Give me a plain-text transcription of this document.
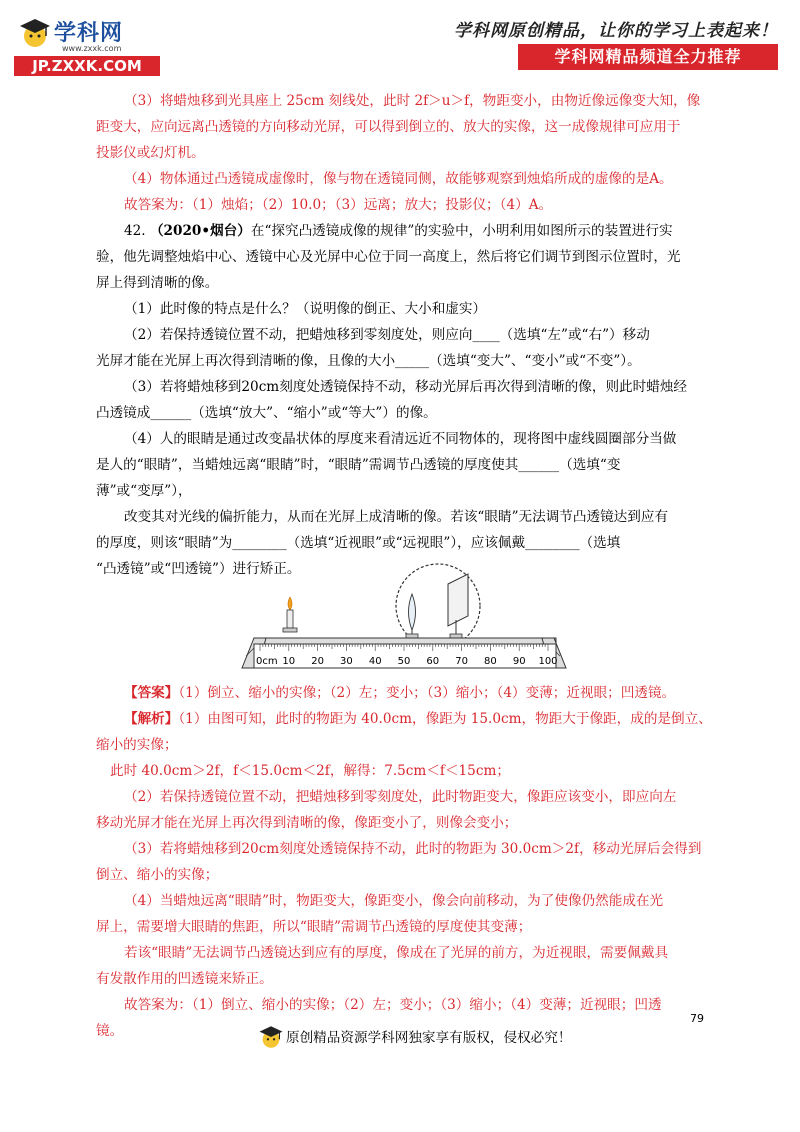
学科网
www.zxxk.com
JP.ZXXK.COM
学科网原创精品，让你的学习上表起来！
学科网精品频道全力推荐
（3）将蜡烛移到光具座上 25cm 刻线处，此时 2f＞u＞f，物距变小，由物近像远像变大知，像
距变大，应向远离凸透镜的方向移动光屏，可以得到倒立的、放大的实像，这一成像规律可应用于
投影仪或幻灯机。
（4）物体通过凸透镜成虚像时，像与物在透镜同侧，故能够观察到烛焰所成的虚像的是A。
故答案为：（1）烛焰；（2）10.0；（3）远离；放大；投影仪；（4）A。
42. （2020•烟台）在“探究凸透镜成像的规律”的实验中，小明利用如图所示的装置进行实
验，他先调整烛焰中心、透镜中心及光屏中心位于同一高度上，然后将它们调节到图示位置时，光
屏上得到清晰的像。
（1）此时像的特点是什么？（说明像的倒正、大小和虚实）
（2）若保持透镜位置不动，把蜡烛移到零刻度处，则应向____（选填“左”或“右”）移动
光屏才能在光屏上再次得到清晰的像，且像的大小_____（选填“变大”、“变小”或“不变”）。
（3）若将蜡烛移到20cm刻度处透镜保持不动，移动光屏后再次得到清晰的像，则此时蜡烛经
凸透镜成______（选填“放大”、“缩小”或“等大”）的像。
（4）人的眼睛是通过改变晶状体的厚度来看清远近不同物体的，现将图中虚线圆圈部分当做
是人的“眼睛”，当蜡烛远离“眼睛”时，“眼睛”需调节凸透镜的厚度使其______（选填“变
薄”或“变厚”），
改变其对光线的偏折能力，从而在光屏上成清晰的像。若该“眼睛”无法调节凸透镜达到应有
的厚度，则该“眼睛”为________（选填“近视眼”或“远视眼”），应该佩戴________（选填
“凸透镜”或“凹透镜”）进行矫正。
0cm 10 20 30 40 50 60 70 80 90 100
【答案】（1）倒立、缩小的实像；（2）左；变小；（3）缩小；（4）变薄；近视眼；凹透镜。
【解析】（1）由图可知，此时的物距为 40.0cm，像距为 15.0cm，物距大于像距，成的是倒立、
缩小的实像；
此时 40.0cm＞2f，f＜15.0cm＜2f，解得：7.5cm＜f＜15cm；
（2）若保持透镜位置不动，把蜡烛移到零刻度处，此时物距变大，像距应该变小，即应向左
移动光屏才能在光屏上再次得到清晰的像，像距变小了，则像会变小；
（3）若将蜡烛移到20cm刻度处透镜保持不动，此时的物距为 30.0cm＞2f，移动光屏后会得到
倒立、缩小的实像；
（4）当蜡烛远离“眼睛”时，物距变大，像距变小，像会向前移动，为了使像仍然能成在光
屏上，需要增大眼睛的焦距，所以“眼睛”需调节凸透镜的厚度使其变薄；
若该“眼睛”无法调节凸透镜达到应有的厚度，像成在了光屏的前方，为近视眼，需要佩戴具
有发散作用的凹透镜来矫正。
故答案为：（1）倒立、缩小的实像；（2）左；变小；（3）缩小；（4）变薄；近视眼；凹透
镜。
79
原创精品资源学科网独家享有版权，侵权必究！
